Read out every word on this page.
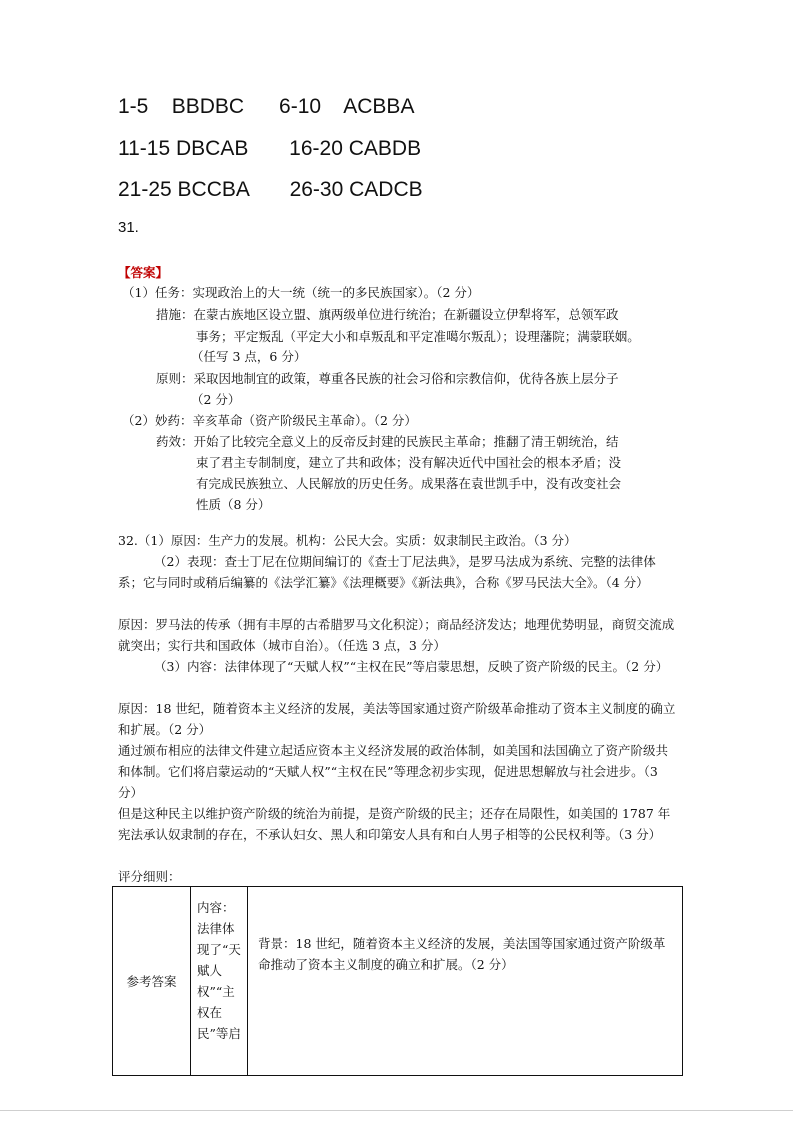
1-5    BBDBC      6-10    ACBBA
11-15 DBCAB       16-20 CABDB
21-25 BCCBA       26-30 CADCB
31.
【答案】
（1）任务：实现政治上的大一统（统一的多民族国家）。（2 分）
措施：在蒙古族地区设立盟、旗两级单位进行统治；在新疆设立伊犁将军，总领军政
事务；平定叛乱（平定大小和卓叛乱和平定准噶尔叛乱）；设理藩院；满蒙联姻。
（任写 3 点，6 分）
原则：采取因地制宜的政策，尊重各民族的社会习俗和宗教信仰，优待各族上层分子
（2 分）
（2）妙药：辛亥革命（资产阶级民主革命）。（2 分）
药效：开始了比较完全意义上的反帝反封建的民族民主革命；推翻了清王朝统治，结
束了君主专制制度，建立了共和政体；没有解决近代中国社会的根本矛盾；没
有完成民族独立、人民解放的历史任务。成果落在袁世凯手中，没有改变社会
性质（8 分）
32.（1）原因：生产力的发展。机构：公民大会。实质：奴隶制民主政治。（3 分）
（2）表现：查士丁尼在位期间编订的《查士丁尼法典》，是罗马法成为系统、完整的法律体系；它与同时或稍后编纂的《法学汇纂》《法理概要》《新法典》，合称《罗马民法大全》。（4 分）
原因：罗马法的传承（拥有丰厚的古希腊罗马文化积淀）；商品经济发达；地理优势明显，商贸交流成就突出；实行共和国政体（城市自治）。（任选 3 点，3 分）
（3）内容：法律体现了“天赋人权”“主权在民”等启蒙思想，反映了资产阶级的民主。（2 分）
原因：18 世纪，随着资本主义经济的发展，美法等国家通过资产阶级革命推动了资本主义制度的确立和扩展。（2 分）
通过颁布相应的法律文件建立起适应资本主义经济发展的政治体制，如美国和法国确立了资产阶级共和体制。它们将启蒙运动的“天赋人权”“主权在民”等理念初步实现，促进思想解放与社会进步。（3 分）
但是这种民主以维护资产阶级的统治为前提，是资产阶级的民主；还存在局限性，如美国的 1787 年宪法承认奴隶制的存在，不承认妇女、黑人和印第安人具有和白人男子相等的公民权利等。（3 分）
评分细则：
参考答案	内容：法律体现了“天赋人权”“主权在民”等启	背景：18 世纪，随着资本主义经济的发展，美法国等国家通过资产阶级革命推动了资本主义制度的确立和扩展。（2 分）
